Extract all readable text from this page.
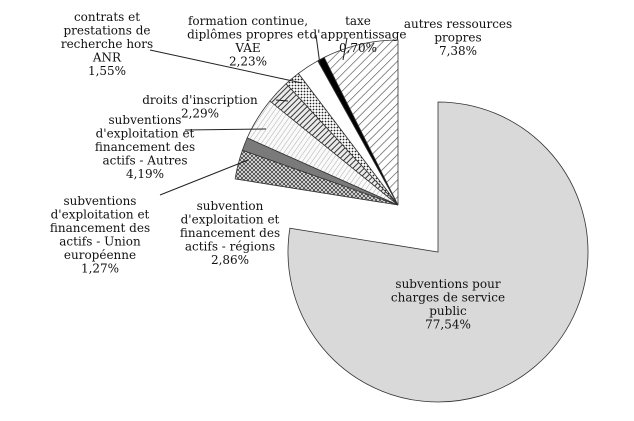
subventions pour charges de service public 77,54%
subvention d'exploitation et financement des actifs - régions 2,86%
subventions d'exploitation et financement des actifs - Union européenne 1,27%
subventions d'exploitation et financement des actifs - Autres 4,19%
droits d'inscription 2,29%
contrats et prestations de recherche hors ANR 1,55%
formation continue, diplômes propres et VAE 2,23%
taxe d'apprentissage 0,70%
autres ressources propres 7,38%
